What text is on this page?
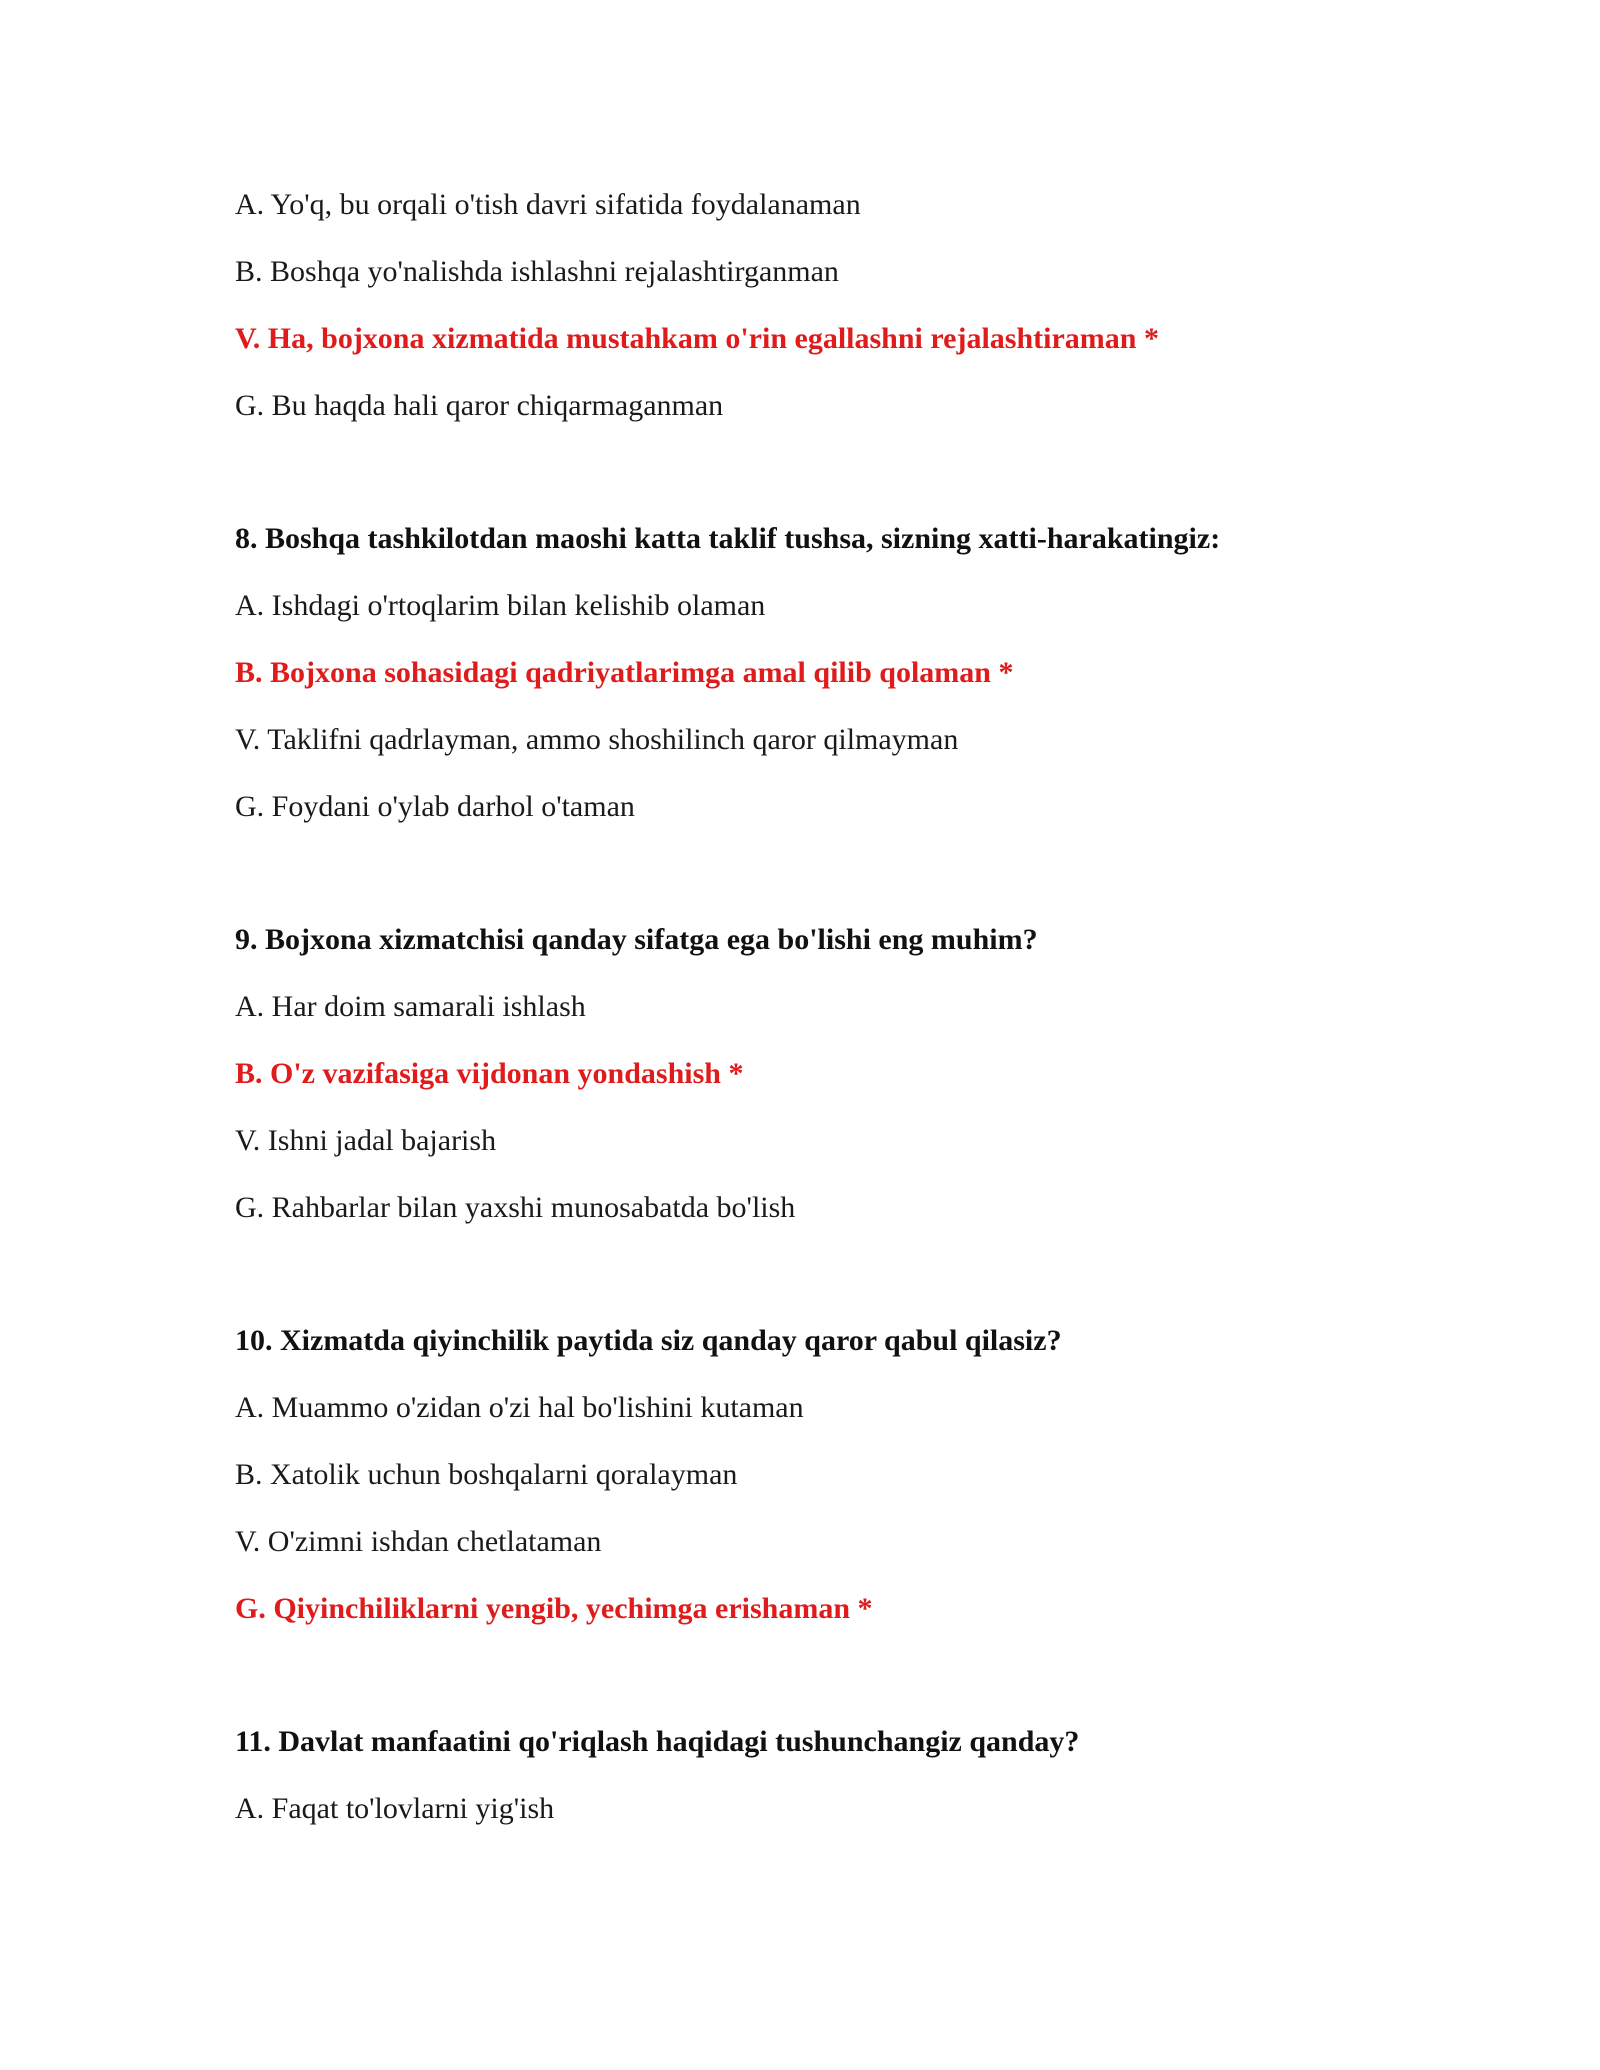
A. Yo'q, bu orqali o'tish davri sifatida foydalanaman
B. Boshqa yo'nalishda ishlashni rejalashtirganman
V. Ha, bojxona xizmatida mustahkam o'rin egallashni rejalashtiraman *
G. Bu haqda hali qaror chiqarmaganman
8. Boshqa tashkilotdan maoshi katta taklif tushsa, sizning xatti-harakatingiz:
A. Ishdagi o'rtoqlarim bilan kelishib olaman
B. Bojxona sohasidagi qadriyatlarimga amal qilib qolaman *
V. Taklifni qadrlayman, ammo shoshilinch qaror qilmayman
G. Foydani o'ylab darhol o'taman
9. Bojxona xizmatchisi qanday sifatga ega bo'lishi eng muhim?
A. Har doim samarali ishlash
B. O'z vazifasiga vijdonan yondashish *
V. Ishni jadal bajarish
G. Rahbarlar bilan yaxshi munosabatda bo'lish
10. Xizmatda qiyinchilik paytida siz qanday qaror qabul qilasiz?
A. Muammo o'zidan o'zi hal bo'lishini kutaman
B. Xatolik uchun boshqalarni qoralayman
V. O'zimni ishdan chetlataman
G. Qiyinchiliklarni yengib, yechimga erishaman *
11. Davlat manfaatini qo'riqlash haqidagi tushunchangiz qanday?
A. Faqat to'lovlarni yig'ish
